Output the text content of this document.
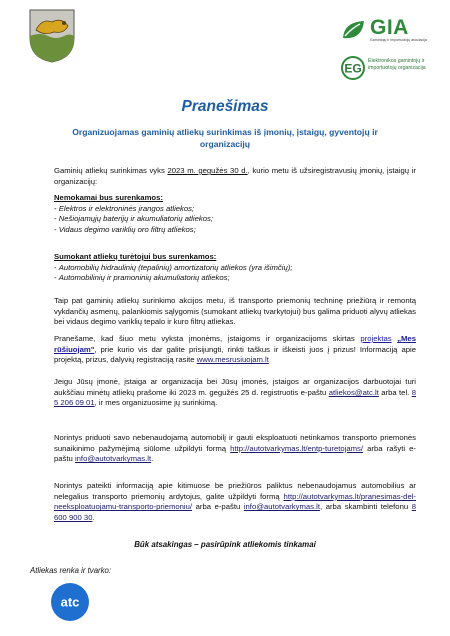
GIA
Gamintojų ir importuotojų asociacija
EG
Elektronikos gamintojų ir importuotojų organizacija
Pranešimas
Organizuojamas gaminių atliekų surinkimas iš įmonių, įstaigų, gyventojų ir organizacijų
Gaminių atliekų surinkimas vyks 2023 m. gegužės 30 d., kurio metu iš užsiregistravusių įmonių, įstaigų ir organizacijų:

Nemokamai bus surenkamos:

- Elektros ir elektroninės įrangos atliekos;

- Nešiojamųjų baterijų ir akumuliatorių atliekos;

- Vidaus degimo variklių oro filtrų atliekos;

Sumokant atliekų turėtojui bus surenkamos:

- Automobilių hidraulinių (tepalinių) amortizatorių atliekos (yra išimčių);

- Automobilinių ir pramoninių akumuliatorių atliekos;

Taip pat gaminių atliekų surinkimo akcijos metu, iš transporto priemonių techninę priežiūrą ir remontą vykdančių asmenų, palankiomis sąlygomis (sumokant atliekų tvarkytojui) bus galima priduoti alyvų atliekas bei vidaus degimo variklių tepalo ir kuro filtrų atliekas.
Pranešame, kad šiuo metu vyksta įmonėms, įstaigoms ir organizacijoms skirtas projektas „Mes rūšiuojam", prie kurio vis dar galite prisijungti, rinkti taškus ir iškeisti juos į prizus! Informaciją apie projektą, prizus, dalyvių registraciją rasite www.mesrusiuojam.lt
Jeigu Jūsų įmonė, įstaiga ar organizacija bei Jūsų įmonės, įstaigos ar organizacijos darbuotojai turi aukščiau minėtų atliekų prašome iki 2023 m. gegužės 25 d. registruotis e-paštu atliekos@atc.lt arba tel. 8 5 206 09 01, ir mes organizuosime jų surinkimą.
Norintys priduoti savo nebenaudojamą automobilį ir gauti eksploatuoti netinkamos transporto priemonės sunaikinimo pažymėjimą siūlome užpildyti formą http://autotvarkymas.lt/entp-turetojams/ arba rašyti e-paštu info@autotvarkymas.lt.
Norintys pateikti informaciją apie kitimuose be priežiūros paliktus nebenaudojamus automobilius ar nelegalius transporto priemonių ardytojus, galite užpildyti formą http://autotvarkymas.lt/pranesimas-del-neeksploatuojamu-transporto-priemoniu/ arba e-paštu info@autotvarkymas.lt, arba skambinti telefonu 8 600 900 30.
Būk atsakingas – pasirūpink atliekomis tinkamai
Atliekas renka ir tvarko:
atc
